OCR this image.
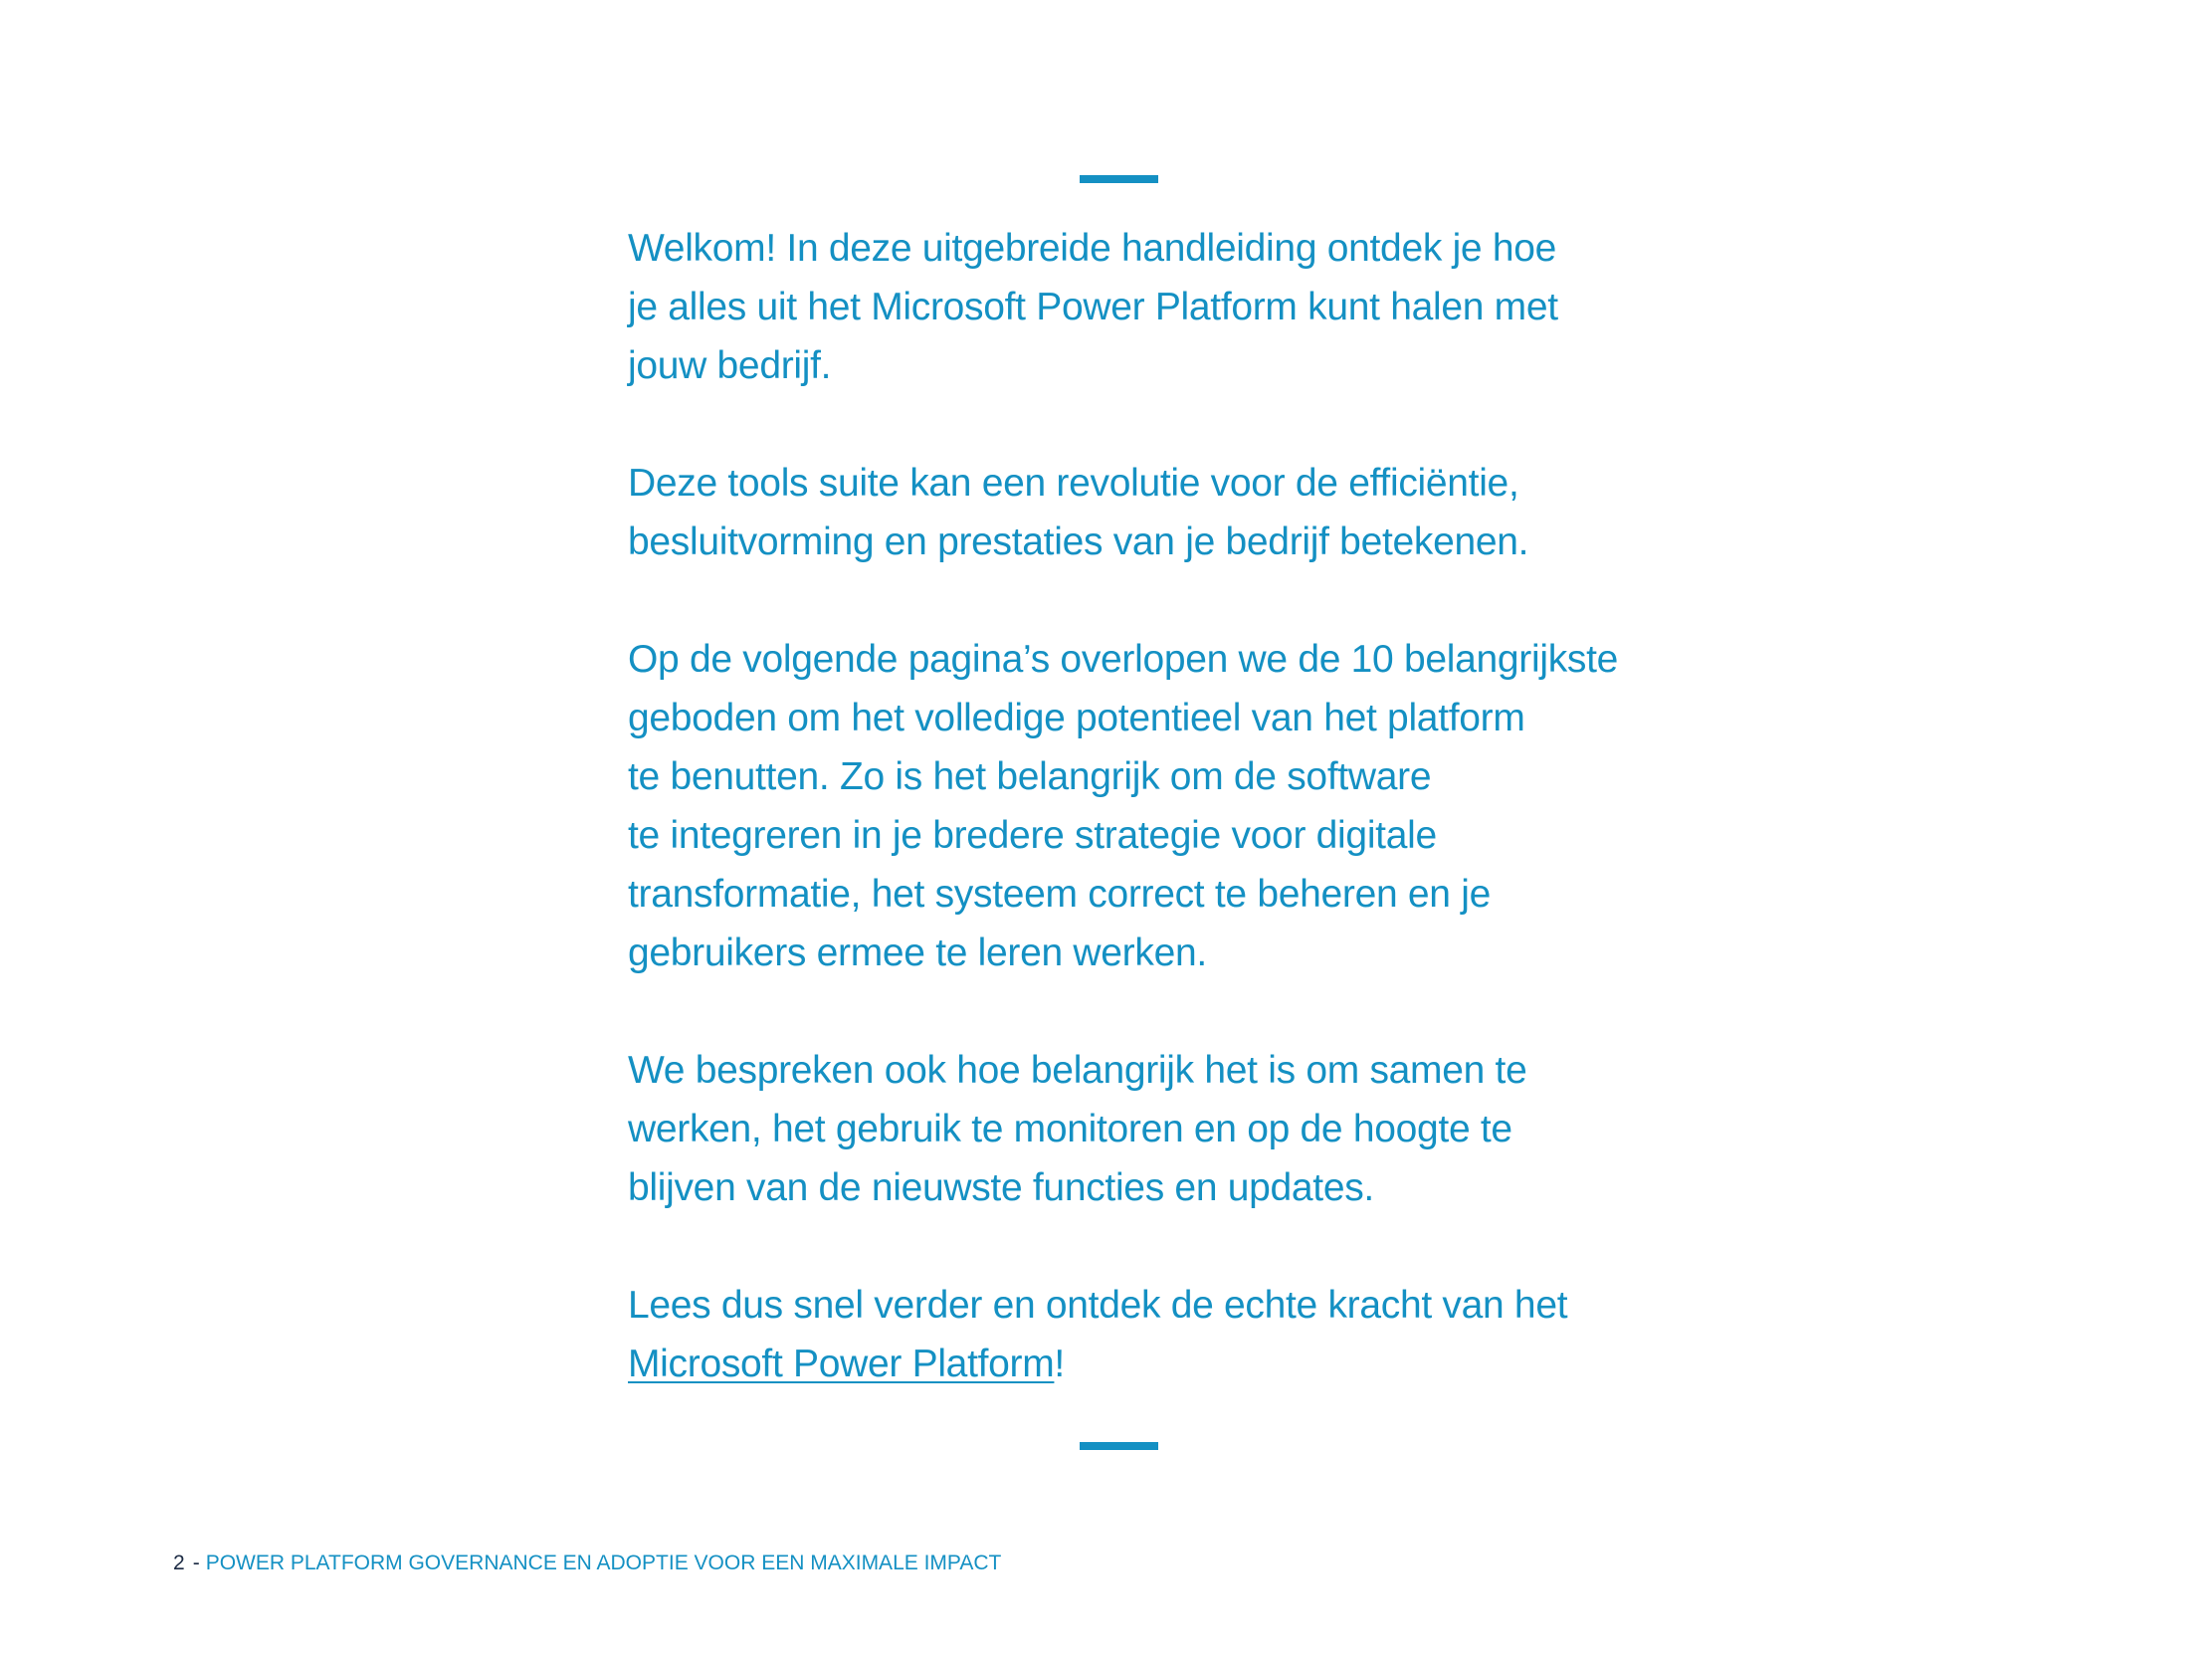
Welkom! In deze uitgebreide handleiding ontdek je hoe
je alles uit het Microsoft Power Platform kunt halen met
jouw bedrijf.

Deze tools suite kan een revolutie voor de efficiëntie,
besluitvorming en prestaties van je bedrijf betekenen.

Op de volgende pagina’s overlopen we de 10 belangrijkste
geboden om het volledige potentieel van het platform
te benutten. Zo is het belangrijk om de software
te integreren in je bredere strategie voor digitale
transformatie, het systeem correct te beheren en je
gebruikers ermee te leren werken.

We bespreken ook hoe belangrijk het is om samen te
werken, het gebruik te monitoren en op de hoogte te
blijven van de nieuwste functies en updates.

Lees dus snel verder en ontdek de echte kracht van het
Microsoft Power Platform!

2 - POWER PLATFORM GOVERNANCE EN ADOPTIE VOOR EEN MAXIMALE IMPACT
